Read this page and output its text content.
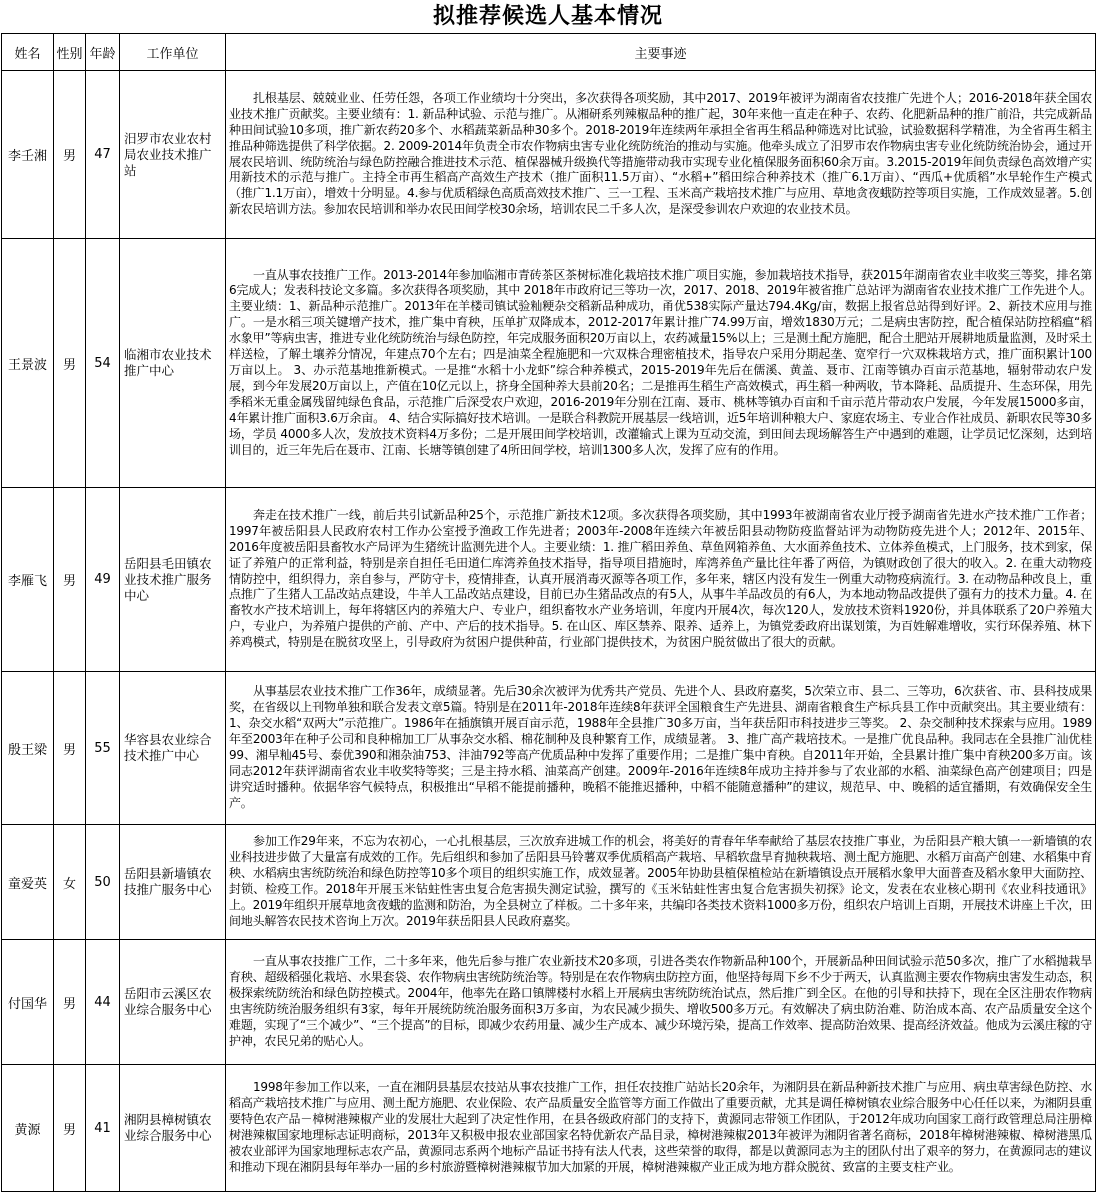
拟推荐候选人基本情况
姓名	性别	年龄	工作单位	主要事迹
李壬湘	男	47	汨罗市农业农村局农业技术推广站	扎根基层、兢兢业业、任劳任怨，各项工作业绩均十分突出，多次获得各项奖励，其中2017、2019年被评为湖南省农技推广先进个人；2016-2018年获全国农业技术推广贡献奖。主要业绩有：1. 新品种试验、示范与推广。从湘研系列辣椒品种的推广起，30年来他一直走在种子、农药、化肥新品种的推广前沿，共完成新品种田间试验10多项，推广新农药20多个、水稻蔬菜新品种30多个。2018-2019年连续两年承担全省再生稻品种筛选对比试验，试验数据科学精准，为全省再生稻主推品种筛选提供了科学依据。2. 2009-2014年负责全市农作物病虫害专业化统防统治的推动与实施。他牵头成立了汨罗市农作物病虫害专业化统防统治协会，通过开展农民培训、统防统治与绿色防控融合推进技术示范、植保器械升级换代等措施带动我市实现专业化植保服务面积60余万亩。3.2015-2019年间负责绿色高效增产实用新技术的示范与推广。主持全市再生稻高产高效生产技术（推广面积11.5万亩）、“水稻+”稻田综合种养技术（推广6.1万亩）、“西瓜+优质稻”水旱轮作生产模式（推广1.1万亩），增效十分明显。4.参与优质稻绿色高质高效技术推广、三一工程、玉米高产栽培技术推广与应用、草地贪夜蛾防控等项目实施，工作成效显著。5.创新农民培训方法。参加农民培训和举办农民田间学校30余场，培训农民二千多人次，是深受参训农户欢迎的农业技术员。
王景波	男	54	临湘市农业技术推广中心	一直从事农技推广工作。2013-2014年参加临湘市青砖茶区茶树标准化栽培技术推广项目实施，参加栽培技术指导，获2015年湖南省农业丰收奖三等奖，排名第6完成人；发表科技论文多篇。多次获得各项奖励，其中 2018年市政府记三等功一次，2017、2018、2019年被省推广总站评为湖南省农业技术推广工作先进个人。主要业绩：1、新品种示范推广。2013年在羊楼司镇试验籼粳杂交稻新品种成功，甬优538实际产量达794.4Kg/亩，数据上报省总站得到好评。2、新技术应用与推广。一是水稻三项关键增产技术，推广集中育秧，压单扩双降成本，2012-2017年累计推广74.99万亩，增效1830万元；二是病虫害防控，配合植保站防控稻瘟“稻水象甲”等病虫害，推进专业化统防统治与绿色防控，年完成服务面积20万亩以上，农药减量15%以上；三是测土配方施肥，配合土肥站开展耕地质量监测，及时采土样送检，了解土壤养分情况，年建点70个左右；四是油菜全程施肥和一穴双株合理密植技术，指导农户采用分期起垄、宽窄行一穴双株栽培方式，推广面积累计100万亩以上。 3、办示范基地推新模式。一是推“水稻十小龙虾”综合种养模式，2015-2019年先后在儒溪、黄盖、聂市、江南等镇办百亩示范基地，辐射带动农户发展，到今年发展20万亩以上，产值在10亿元以上，挤身全国种养大县前20名；二是推再生稻生产高效模式，再生稻一种两收，节本降耗、品质提升、生态环保，用先季稻米无重金属残留纯绿色食品，示范推广后深受农户欢迎，2016-2019年分别在江南、聂市、桃林等镇办百亩和千亩示范片带动农户发展，今年发展15000多亩，4年累计推广面积3.6万余亩。 4、结合实际搞好技术培训。一是联合科教院开展基层一线培训，近5年培训种粮大户、家庭农场主、专业合作社成员、新职农民等30多场，学员 4000多人次，发放技术资料4万多份；二是开展田间学校培训，改灌输式上课为互动交流，到田间去现场解答生产中遇到的难题，让学员记忆深刻，达到培训目的，近三年先后在聂市、江南、长塘等镇创建了4所田间学校，培训1300多人次，发挥了应有的作用。
李雁飞	男	49	岳阳县毛田镇农业技术推广服务中心	奔走在技术推广一线，前后共引试新品种25个，示范推广新技术12项。多次获得各项奖励，其中1993年被湖南省农业厅授予湖南省先进水产技术推广工作者；1997年被岳阳县人民政府农村工作办公室授予渔政工作先进者；2003年-2008年连续六年被岳阳县动物防疫监督站评为动物防疫先进个人；2012年、2015年、2016年度被岳阳县畜牧水产局评为生猪统计监测先进个人。主要业绩：1. 推广稻田养鱼、草鱼网箱养鱼、大水面养鱼技术、立体养鱼模式，上门服务，技术到家，保证了养殖户的正常利益，特别是亲自担任毛田道仁库湾养鱼技术指导，指导项目措施时，库湾养鱼产量比往年番了两倍，为镇财政创了很大的收入。2. 在重大动物疫情防控中，组织得力，亲自参与，严防守卡，疫情排查，认真开展消毒灭源等各项工作，多年来，辖区内没有发生一例重大动物疫病流行。3. 在动物品种改良上，重点推广了生猪人工品改站点建设，牛羊人工品改站点建设，目前已办生猪品改点的有5人，从事牛羊品改员的有6人，为本地动物品改提供了强有力的技术力量。4. 在畜牧水产技术培训上，每年将辖区内的养殖大户、专业户，组织畜牧水产业务培训，年度内开展4次，每次120人，发放技术资料1920份，并具体联系了20户养殖大户，专业户，为养殖户提供的产前、产中、产后的技术指导。5. 在山区、库区禁养、限养、适养上，为镇党委政府出谋划策，为百姓解难增收，实行环保养殖、林下养鸡模式，特别是在脱贫攻坚上，引导政府为贫困户提供种苗，行业部门提供技术，为贫困户脱贫做出了很大的贡献。
殷王梁	男	55	华容县农业综合技术推广中心	从事基层农业技术推广工作36年，成绩显著。先后30余次被评为优秀共产党员、先进个人、县政府嘉奖，5次荣立市、县二、三等功，6次获省、市、县科技成果奖，在省级以上刊物单独和联合发表文章5篇。特别是在2011年-2018年连续8年获评全国粮食生产先进县、湖南省粮食生产标兵县工作中贡献突出。其主要业绩有： 1、杂交水稻“双两大”示范推广。1986年在插旗镇开展百亩示范，1988年全县推广30多万亩，当年获岳阳市科技进步三等奖。 2、杂交制种技术探索与应用。1989年至2003年在种子公司和良种棉加工厂从事杂交水稻、棉花制种及良种繁育工作，成绩显著。 3、推广高产栽培技术。一是推广优良品种。我同志在全县推广汕优桂99、湘早籼45号、泰优390和湘杂油753、沣油792等高产优质品种中发挥了重要作用；二是推广集中育秧。自2011年开始，全县累计推广集中育秧200多万亩。该同志2012年获评湖南省农业丰收奖特等奖；三是主持水稻、油菜高产创建。2009年-2016年连续8年成功主持并参与了农业部的水稻、油菜绿色高产创建项目；四是讲究适时播种。依据华容气候特点，积极推出“早稻不能提前播种，晚稻不能推迟播种，中稻不能随意播种”的建议，规范早、中、晚稻的适宜播期，有效确保安全生产。
童爱英	女	50	岳阳县新墙镇农技推广服务中心	参加工作29年来，不忘为农初心，一心扎根基层，三次放弃进城工作的机会，将美好的青春年华奉献给了基层农技推广事业，为岳阳县产粮大镇一一新墙镇的农业科技进步做了大量富有成效的工作。先后组织和参加了岳阳县马铃薯双季优质稻高产栽培、早稻软盘旱育抛秧栽培、测土配方施肥、水稻万亩高产创建、水稻集中育秧、水稻病虫害统防统治和绿色防控等10多个项目的组织实施工作，成效显著。2005年协助县植保植检站在新墙镇设点开展稻水象甲大面普查及稻水象甲大面防控、封锁、检疫工作。2018年开展玉米钻蛀性害虫复合危害损失测定试验，撰写的《玉米钻蛀性害虫复合危害损失初探》论文，发表在农业核心期刊《农业科技通讯》上。2019年组织开展草地贪夜蛾的监测和防治，为全县树立了样板。二十多年来，共编印各类技术资料1000多万份，组织农户培训上百期，开展技术讲座上千次，田间地头解答农民技术咨询上万次。2019年获岳阳县人民政府嘉奖。
付国华	男	44	岳阳市云溪区农业综合服务中心	一直从事农技推广工作，二十多年来，他先后参与推广农业新技术20多项，引进各类农作物新品种100个，开展新品种田间试验示范50多次，推广了水稻抛栽旱育秧、超级稻强化栽培、水果套袋、农作物病虫害统防统治等。特别是在农作物病虫防控方面，他坚持每周下乡不少于两天，认真监测主要农作物病虫害发生动态，积极探索统防统治和绿色防控模式。2004年，他率先在路口镇牌楼村水稻上开展病虫害统防统治试点，然后推广到全区。在他的引导和扶持下，现在全区注册农作物病虫害统防统治服务组织有3家，每年开展统防统治服务面积3万多亩，为农民减少损失、增收500多万元。有效解决了病虫防治难、防治成本高、农产品质量安全这个难题，实现了“三个减少”、“三个提高”的目标，即减少农药用量、减少生产成本、减少环境污染，提高工作效率、提高防治效果、提高经济效益。他成为云溪庄稼的守护神，农民兄弟的贴心人。
黄源	男	41	湘阴县樟树镇农业综合服务中心	1998年参加工作以来，一直在湘阴县基层农技站从事农技推广工作，担任农技推广站站长20余年，为湘阴县在新品种新技术推广与应用、病虫草害绿色防控、水稻高产栽培技术推广与应用、测土配方施肥、农业保险、农产品质量安全监管等方面工作做出了重要贡献，尤其是调任樟树镇农业综合服务中心任任以来，为湘阴县重要特色农产品－樟树港辣椒产业的发展壮大起到了决定性作用，在县各级政府部门的支持下，黄源同志带领工作团队，于2012年成功向国家工商行政管理总局注册樟树港辣椒国家地理标志证明商标，2013年又积极申报农业部国家名特优新农产品目录，樟树港辣椒2013年被评为湘阴省著名商标，2018年樟树港辣椒、樟树港黑瓜被农业部评为国家地理标志农产品，黄源同志系两个地标产品证书持有法人代表，这些荣誉的取得，都是以黄源同志为主的团队付出了艰辛的努力，在黄源同志的建议和推动下现在湘阴县每年举办一届的乡村旅游暨樟树港辣椒节加大加紧的开展，樟树港辣椒产业正成为地方群众脱贫、致富的主要支柱产业。
